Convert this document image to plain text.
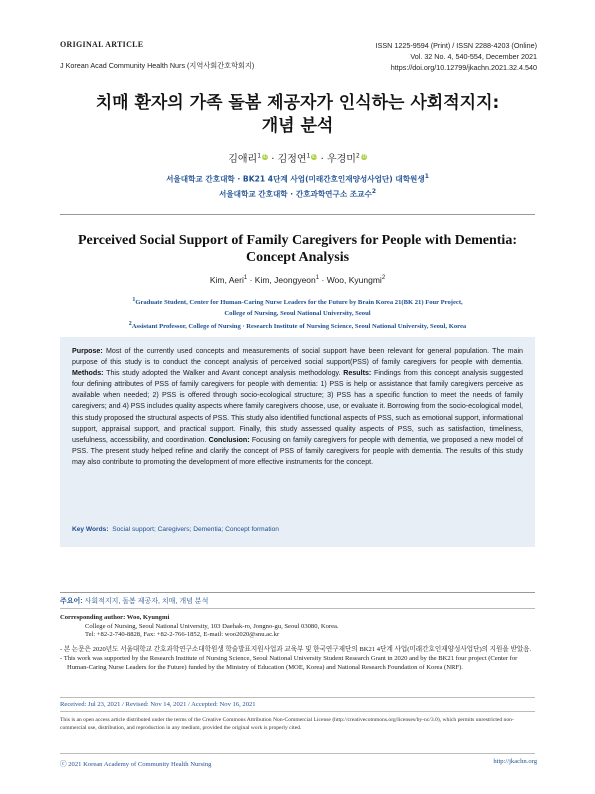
ORIGINAL ARTICLE
J Korean Acad Community Health Nurs (지역사회간호학회지)
ISSN 1225-9594 (Print) / ISSN 2288-4203 (Online)
Vol. 32 No. 4, 540-554, December 2021
https://doi.org/10.12799/jkachn.2021.32.4.540
치매 환자의 가족 돌봄 제공자가 인식하는 사회적지지:
개념 분석
김애리$^1$iD · 김정연$^1$iD · 우경미$^2$iD
서울대학교 간호대학 · BK21 4단계 사업(미래간호인재양성사업단) 대학원생$^1$
서울대학교 간호대학 · 간호과학연구소 조교수$^2$
Perceived Social Support of Family Caregivers for People with Dementia:
Concept Analysis
Kim, Aeri$^1$ · Kim, Jeongyeon$^1$ · Woo, Kyungmi$^2$
$^1$Graduate Student, Center for Human-Caring Nurse Leaders for the Future by Brain Korea 21(BK 21) Four Project,
College of Nursing, Seoul National University, Seoul
$^2$Assistant Professor, College of Nursing · Research Institute of Nursing Science, Seoul National University, Seoul, Korea
Purpose: Most of the currently used concepts and measurements of social support have been relevant for general population. The main purpose of this study is to conduct the concept analysis of perceived social support(PSS) of family caregivers for people with dementia. Methods: This study adopted the Walker and Avant concept analysis methodology. Results: Findings from this concept analysis suggested four defining attributes of PSS of family caregivers for people with dementia: 1) PSS is help or assistance that family caregivers perceive as available when needed; 2) PSS is offered through socio-ecological structure; 3) PSS has a specific function to meet the needs of family caregivers; and 4) PSS includes quality aspects where family caregivers choose, use, or evaluate it. Borrowing from the socio-ecological model, this study proposed the structural aspects of PSS. This study also identified functional aspects of PSS, such as emotional support, informational support, appraisal support, and practical support. Finally, this study assessed quality aspects of PSS, such as satisfaction, timeliness, usefulness, accessibility, and coordination. Conclusion: Focusing on family caregivers for people with dementia, we proposed a new model of PSS. The present study helped refine and clarify the concept of PSS of family caregivers for people with dementia. The results of this study may also contribute to promoting the development of more effective instruments for the concept.
Key Words: Social support; Caregivers; Dementia; Concept formation
주요어: 사회적지지, 돌봄 제공자, 치매, 개념 분석
Corresponding author: Woo, Kyungmi
College of Nursing, Seoul National University, 103 Daehak-ro, Jongno-gu, Seoul 03080, Korea.
Tel: +82-2-740-8828, Fax: +82-2-766-1852, E-mail: woo2020@snu.ac.kr
- 본 논문은 2020년도 서울대학교 간호과학연구소대학원생 학술발표지원사업과 교육부 및 한국연구재단의 BK21 4단계 사업(미래간호인재양성사업단)의 지원을 받았음.
- This work was supported by the Research Institute of Nursing Science, Seoul National University Student Research Grant in 2020 and by the BK21 four project (Center for Human-Caring Nurse Leaders for the Future) funded by the Ministry of Education (MOE, Korea) and National Research Foundation of Korea (NRF).
Received: Jul 23, 2021 / Revised: Nov 14, 2021 / Accepted: Nov 16, 2021
This is an open access article distributed under the terms of the Creative Commons Attribution Non-Commercial License (http://creativecommons.org/licenses/by-nc/3.0), which permits unrestricted non-commercial use, distribution, and reproduction in any medium, provided the original work is properly cited.
ⓒ 2021 Korean Academy of Community Health Nursing	http://jkachn.org
